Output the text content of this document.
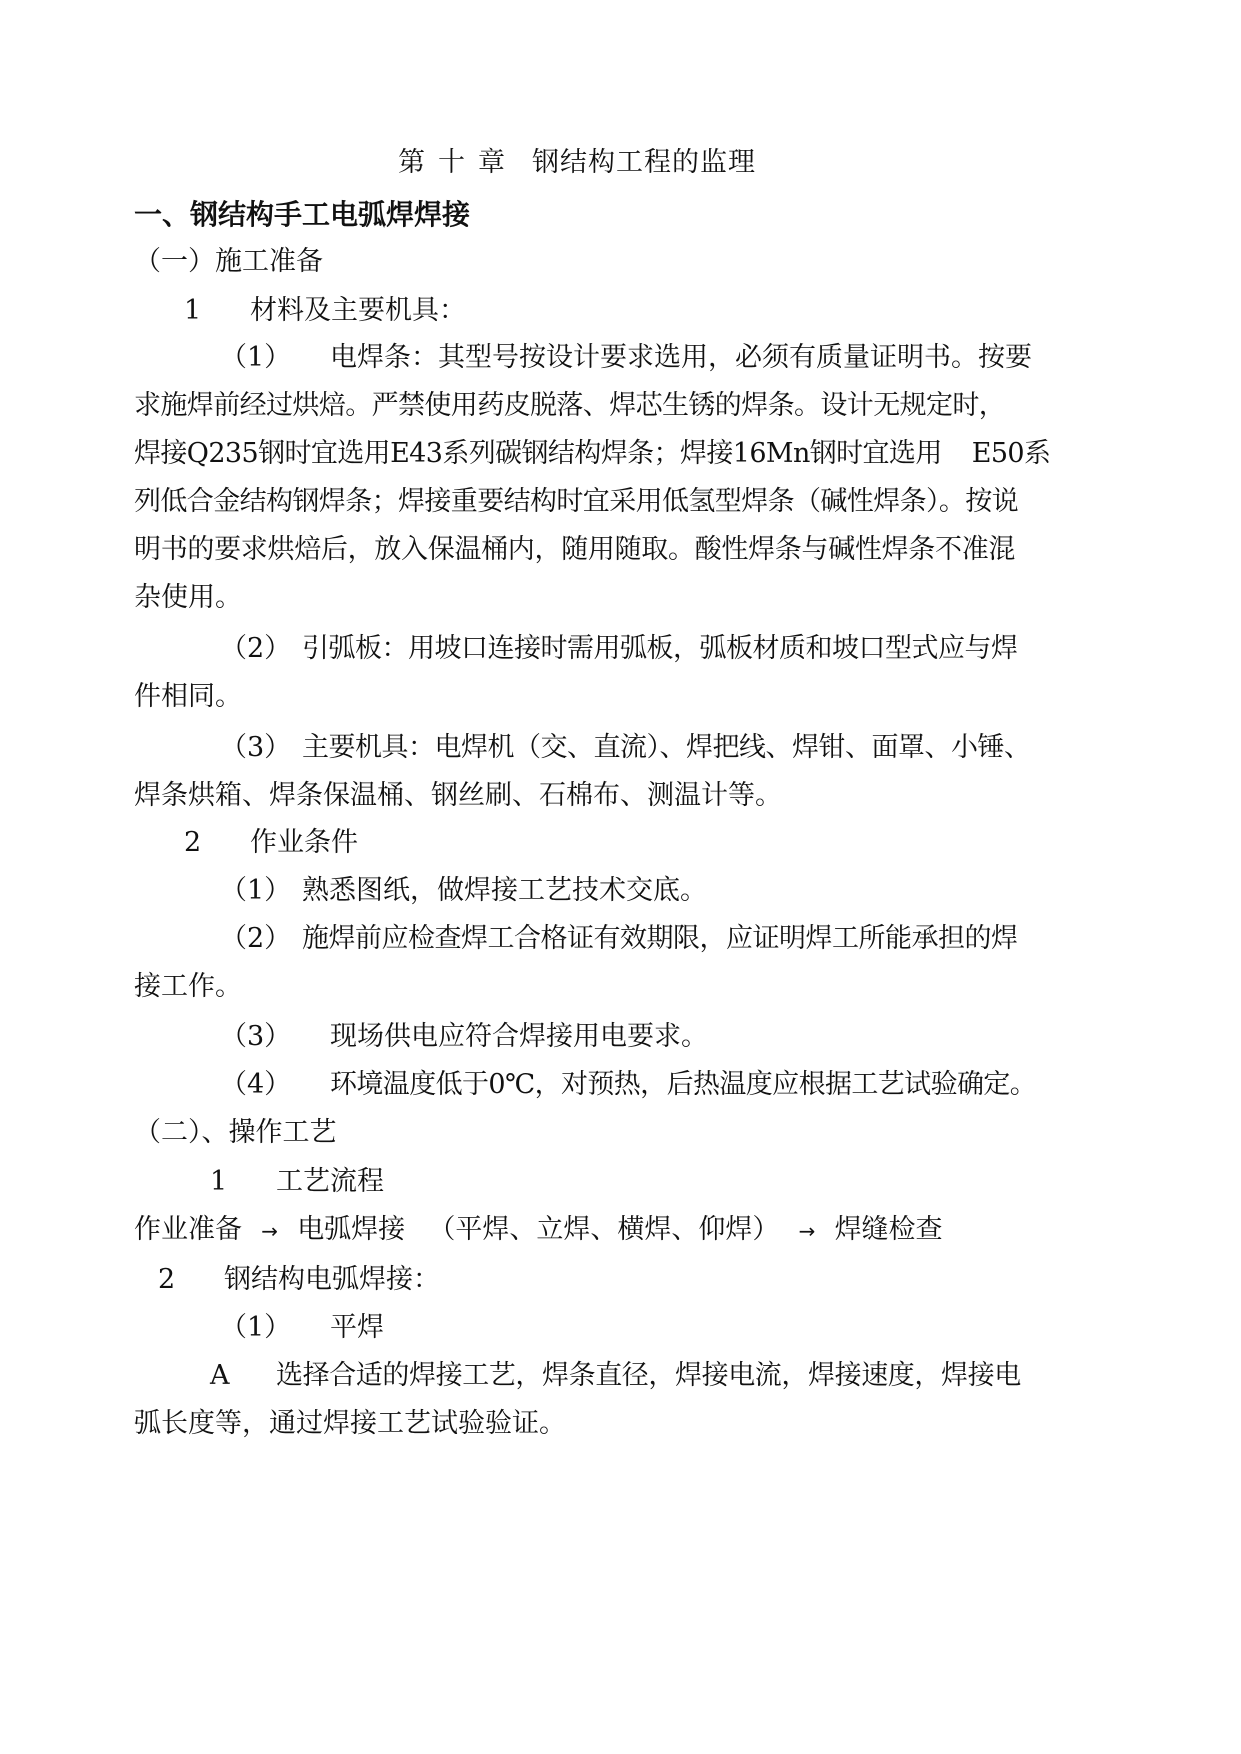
第 十 章 钢结构工程的监理
一、钢结构手工电弧焊焊接
（一）施工准备
1 材料及主要机具：
（1） 电焊条：其型号按设计要求选用，必须有质量证明书。按要
求施焊前经过烘焙。严禁使用药皮脱落、焊芯生锈的焊条。设计无规定时，
焊接Q235钢时宜选用E43系列碳钢结构焊条；焊接16Mn钢时宜选用 E50系
列低合金结构钢焊条；焊接重要结构时宜采用低氢型焊条（碱性焊条）。按说
明书的要求烘焙后，放入保温桶内，随用随取。酸性焊条与碱性焊条不准混
杂使用。
（2） 引弧板：用坡口连接时需用弧板，弧板材质和坡口型式应与焊
件相同。
（3） 主要机具：电焊机（交、直流）、焊把线、焊钳、面罩、小锤、
焊条烘箱、焊条保温桶、钢丝刷、石棉布、测温计等。
2 作业条件
（1） 熟悉图纸，做焊接工艺技术交底。
（2） 施焊前应检查焊工合格证有效期限，应证明焊工所能承担的焊
接工作。
（3） 现场供电应符合焊接用电要求。
（4） 环境温度低于0℃，对预热，后热温度应根据工艺试验确定。
（二）、操作工艺
1 工艺流程
作业准备 → 电弧焊接 （平焊、立焊、横焊、仰焊） → 焊缝检查
2 钢结构电弧焊接：
（1） 平焊
A 选择合适的焊接工艺，焊条直径，焊接电流，焊接速度，焊接电
弧长度等，通过焊接工艺试验验证。
